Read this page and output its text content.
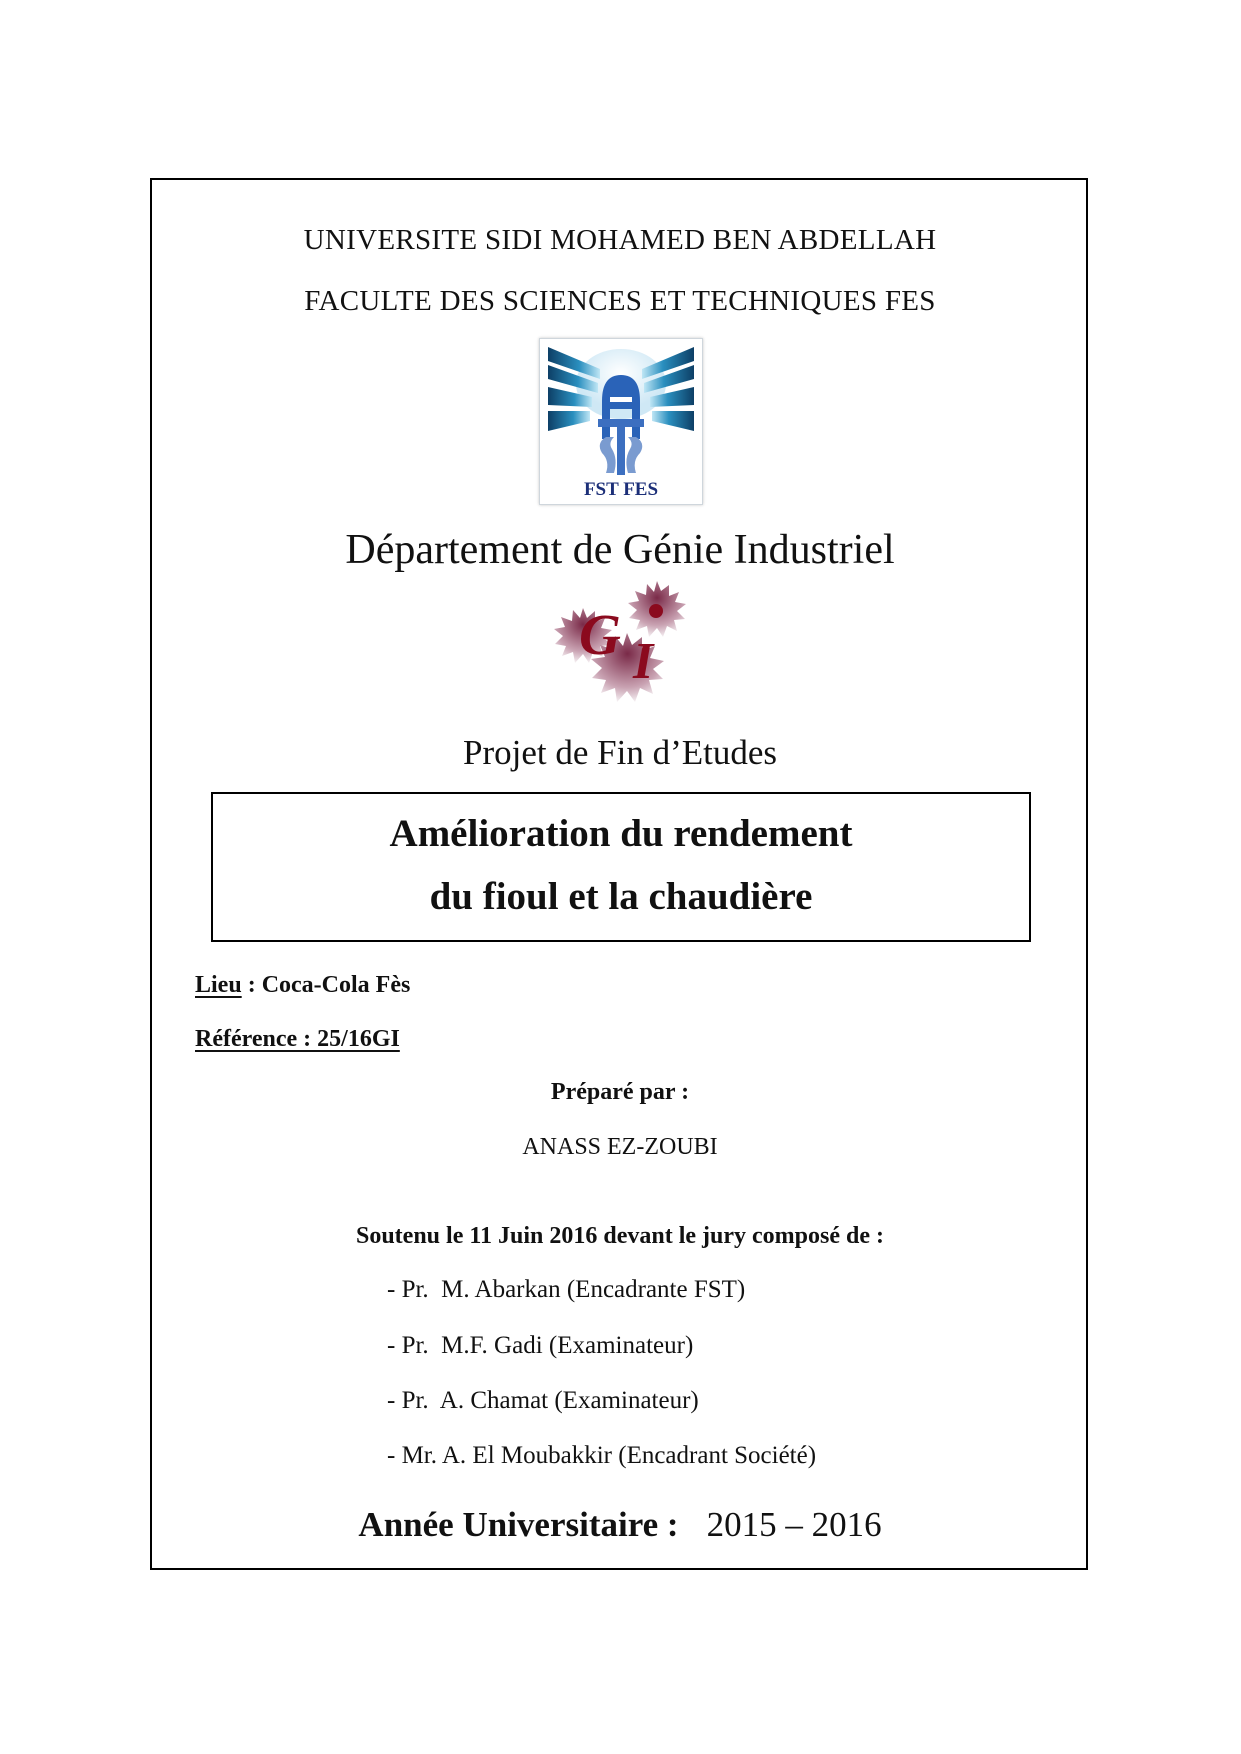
UNIVERSITE SIDI MOHAMED BEN ABDELLAH
FACULTE DES SCIENCES ET TECHNIQUES FES
FST FES
Département de Génie Industriel
G I
Projet de Fin d’Etudes
Amélioration du rendement
du fioul et la chaudière
Lieu : Coca-Cola Fès
Référence : 25/16GI
Préparé par :
ANASS EZ-ZOUBI
Soutenu le 11 Juin 2016 devant le jury composé de :
- Pr.  M. Abarkan (Encadrante FST)
- Pr.  M.F. Gadi (Examinateur)
- Pr.  A. Chamat (Examinateur)
- Mr. A. El Moubakkir (Encadrant Société)
Année Universitaire : 2015 – 2016
